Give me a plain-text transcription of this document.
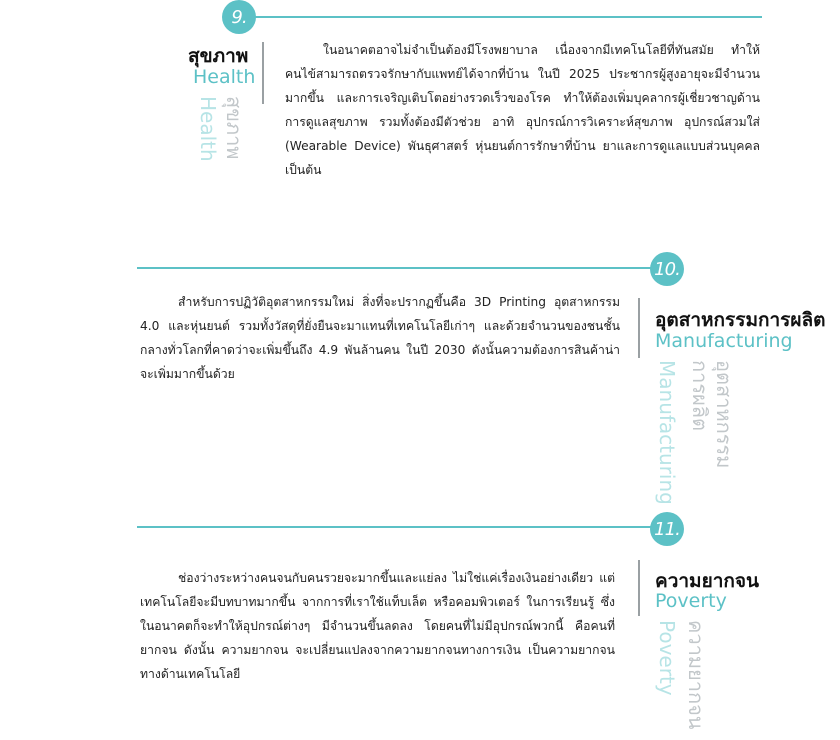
9.
สุขภาพ
Health
สุขภาพ
Health

ในอนาคตอาจไม่จำเป็นต้องมีโรงพยาบาล เนื่องจากมีเทคโนโลยีที่ทันสมัย ทำให้คนไข้สามารถตรวจรักษากับแพทย์ได้จากที่บ้าน ในปี 2025 ประชากรผู้สูงอายุจะมีจำนวนมากขึ้น และการเจริญเติบโตอย่างรวดเร็วของโรค ทำให้ต้องเพิ่มบุคลากรผู้เชี่ยวชาญด้านการดูแลสุขภาพ รวมทั้งต้องมีตัวช่วย อาทิ อุปกรณ์การวิเคราะห์สุขภาพ อุปกรณ์สวมใส่ (Wearable Device) พันธุศาสตร์ หุ่นยนต์การรักษาที่บ้าน ยาและการดูแลแบบส่วนบุคคล เป็นต้น

10.

สำหรับการปฏิวัติอุตสาหกรรมใหม่ สิ่งที่จะปรากฏขึ้นคือ 3D Printing อุตสาหกรรม 4.0 และหุ่นยนต์ รวมทั้งวัสดุที่ยั่งยืนจะมาแทนที่เทคโนโลยีเก่าๆ และด้วยจำนวนของชนชั้นกลางทั่วโลกที่คาดว่าจะเพิ่มขึ้นถึง 4.9 พันล้านคน ในปี 2030 ดังนั้นความต้องการสินค้าน่าจะเพิ่มมากขึ้นด้วย

อุตสาหกรรมการผลิต
Manufacturing
อุตสาหกรรม
การผลิต
Manufacturing
11.

ช่องว่างระหว่างคนจนกับคนรวยจะมากขึ้นและแย่ลง ไม่ใช่แค่เรื่องเงินอย่างเดียว แต่เทคโนโลยีจะมีบทบาทมากขึ้น จากการที่เราใช้แท็บเล็ต หรือคอมพิวเตอร์ ในการเรียนรู้ ซึ่งในอนาคตก็จะทำให้อุปกรณ์ต่างๆ มีจำนวนขึ้นลดลง โดยคนที่ไม่มีอุปกรณ์พวกนี้ คือคนที่ยากจน ดังนั้น ความยากจน จะเปลี่ยนแปลงจากความยากจนทางการเงิน เป็นความยากจนทางด้านเทคโนโลยี

ความยากจน
Poverty
ความยากจน
Poverty
